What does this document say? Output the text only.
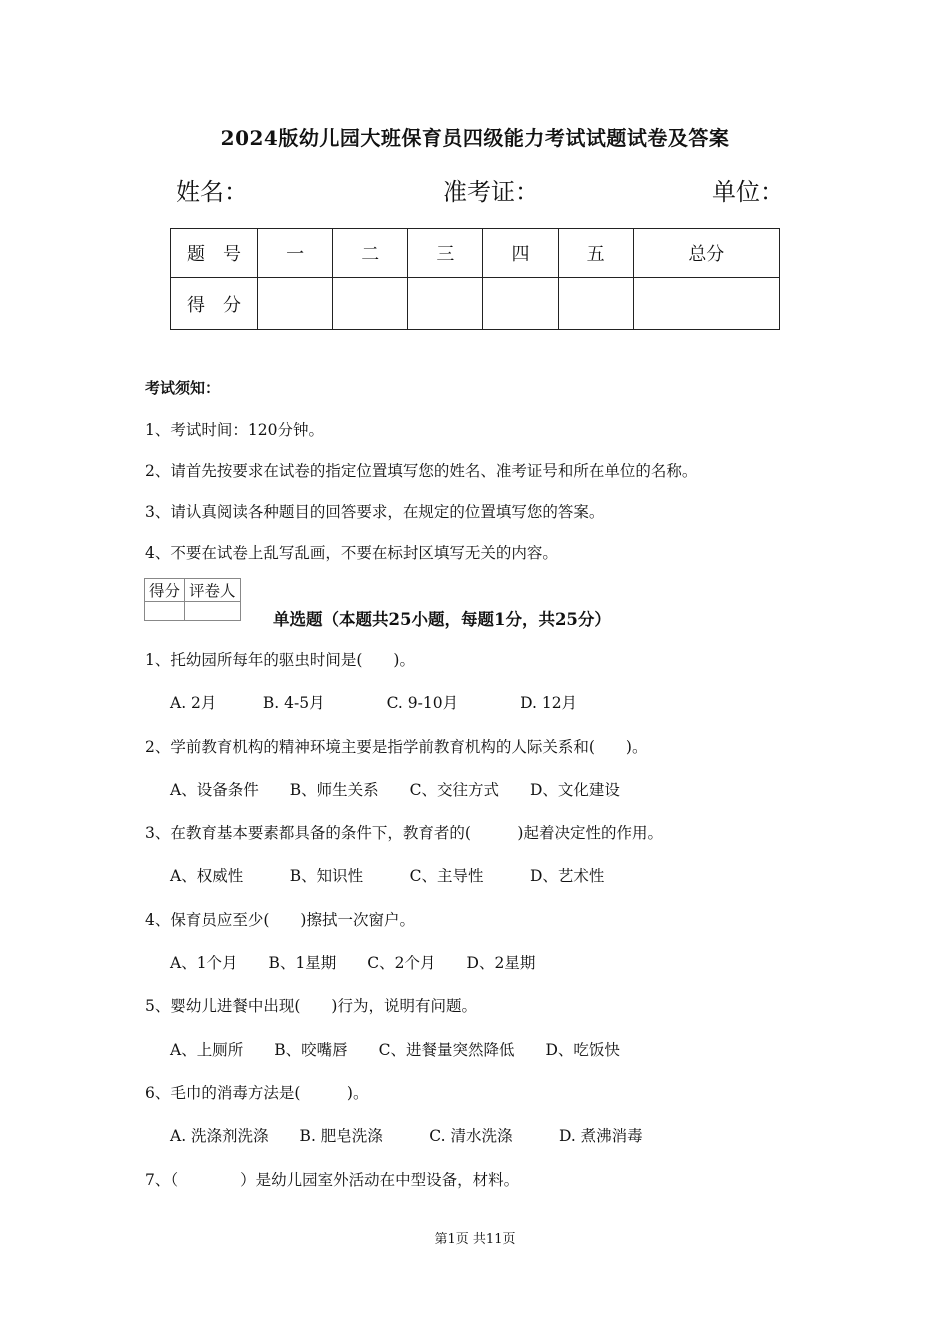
2024版幼儿园大班保育员四级能力考试试题试卷及答案
姓名：	准考证：	单位：
题　号	一	二	三	四	五	总分
得　分						
考试须知：
1、考试时间：120分钟。
2、请首先按要求在试卷的指定位置填写您的姓名、准考证号和所在单位的名称。
3、请认真阅读各种题目的回答要求，在规定的位置填写您的答案。
4、不要在试卷上乱写乱画，不要在标封区填写无关的内容。
得分	评卷人

单选题（本题共25小题，每题1分，共25分）
1、托幼园所每年的驱虫时间是(　　)。
A. 2月　　　B. 4-5月　　　　C. 9-10月　　　　D. 12月
2、学前教育机构的精神环境主要是指学前教育机构的人际关系和(　　)。
A、设备条件　　B、师生关系　　C、交往方式　　D、文化建设
3、在教育基本要素都具备的条件下，教育者的(　　　)起着决定性的作用。
A、权威性　　　B、知识性　　　C、主导性　　　D、艺术性
4、保育员应至少(　　)擦拭一次窗户。
A、1个月　　B、1星期　　C、2个月　　D、2星期
5、婴幼儿进餐中出现(　　)行为，说明有问题。
A、上厕所　　B、咬嘴唇　　C、进餐量突然降低　　D、吃饭快
6、毛巾的消毒方法是(　　　)。
A. 洗涤剂洗涤　　B. 肥皂洗涤　　　C. 清水洗涤　　　D. 煮沸消毒
7、（　　　　）是幼儿园室外活动在中型设备，材料。
第1页 共11页
